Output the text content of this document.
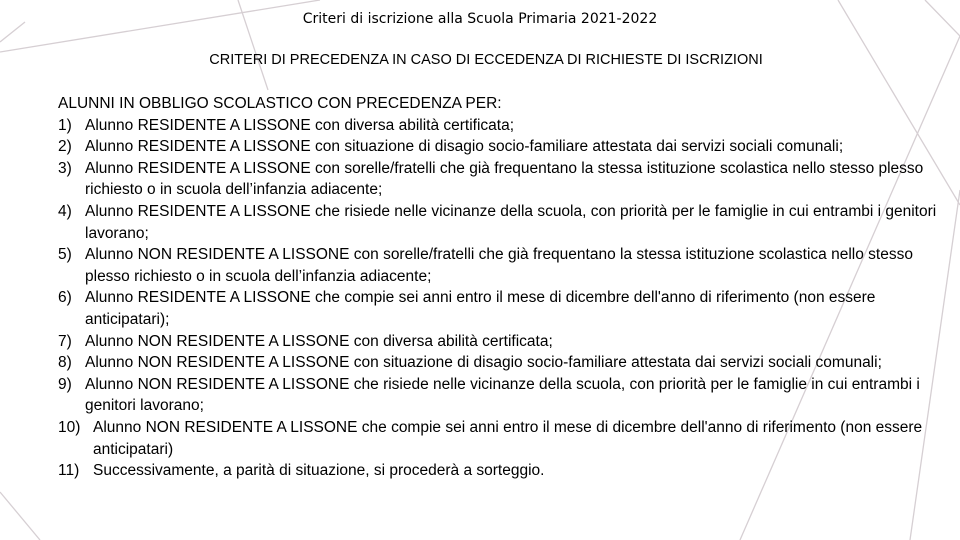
Criteri di iscrizione alla Scuola Primaria 2021-2022
CRITERI DI PRECEDENZA IN CASO DI ECCEDENZA DI RICHIESTE DI ISCRIZIONI

ALUNNI IN OBBLIGO SCOLASTICO CON PRECEDENZA PER:

1) Alunno RESIDENTE A LISSONE con diversa abilità certificata;
2) Alunno RESIDENTE A LISSONE con situazione di disagio socio-familiare attestata dai servizi sociali comunali;
3) Alunno RESIDENTE A LISSONE con sorelle/fratelli che già frequentano la stessa istituzione scolastica nello stesso plesso richiesto o in scuola dell’infanzia adiacente;
4) Alunno RESIDENTE A LISSONE che risiede nelle vicinanze della scuola, con priorità per le famiglie in cui entrambi i genitori lavorano;
5) Alunno NON RESIDENTE A LISSONE con sorelle/fratelli che già frequentano la stessa istituzione scolastica nello stesso plesso richiesto o in scuola dell’infanzia adiacente;
6) Alunno RESIDENTE A LISSONE che compie sei anni entro il mese di dicembre dell'anno di riferimento (non essere anticipatari);
7) Alunno NON RESIDENTE A LISSONE con diversa abilità certificata;
8) Alunno NON RESIDENTE A LISSONE con situazione di disagio socio-familiare attestata dai servizi sociali comunali;
9) Alunno NON RESIDENTE A LISSONE che risiede nelle vicinanze della scuola, con priorità per le famiglie in cui entrambi i genitori lavorano;
10) Alunno NON RESIDENTE A LISSONE che compie sei anni entro il mese di dicembre dell'anno di riferimento (non essere anticipatari)
11) Successivamente, a parità di situazione, si procederà a sorteggio.
